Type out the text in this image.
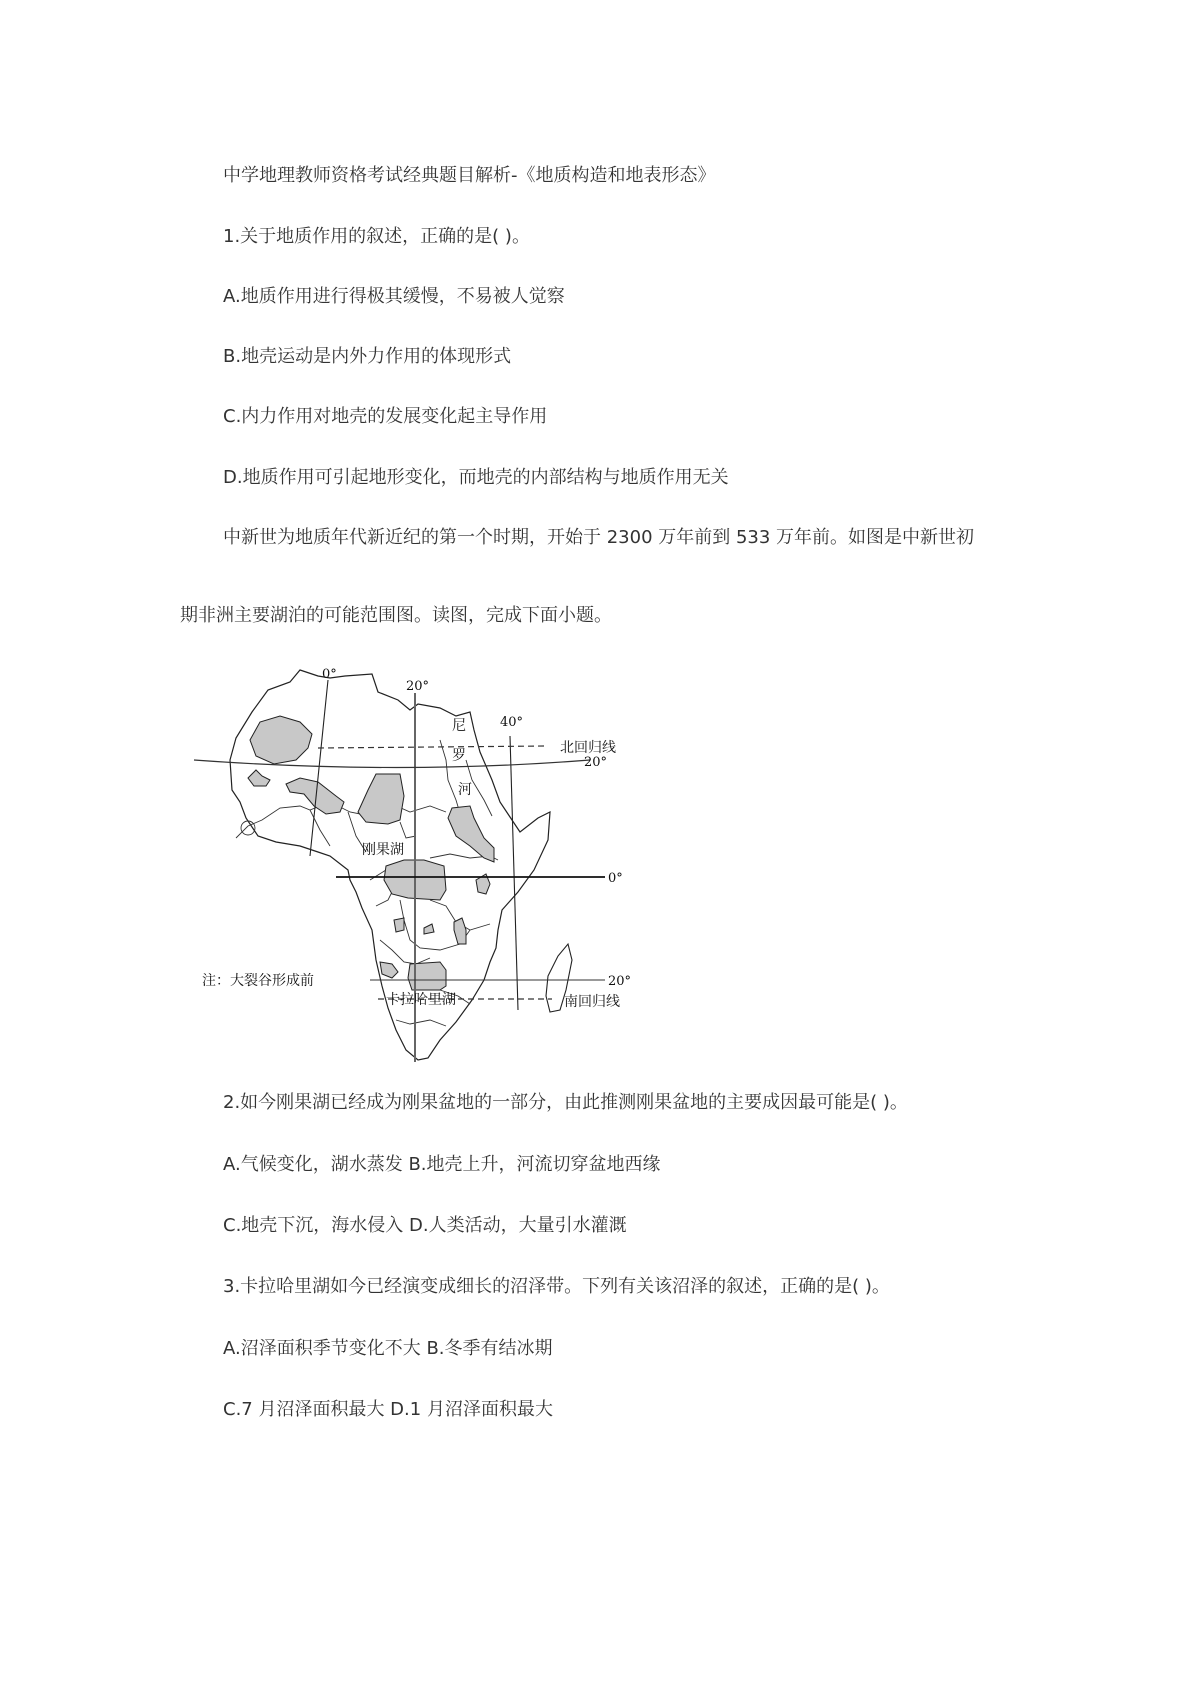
中学地理教师资格考试经典题目解析-《地质构造和地表形态》
1.关于地质作用的叙述，正确的是( )。
A.地质作用进行得极其缓慢，不易被人觉察
B.地壳运动是内外力作用的体现形式
C.内力作用对地壳的发展变化起主导作用
D.地质作用可引起地形变化，而地壳的内部结构与地质作用无关
中新世为地质年代新近纪的第一个时期，开始于 2300 万年前到 533 万年前。如图是中新世初
期非洲主要湖泊的可能范围图。读图，完成下面小题。
0°
20°
40°
北回归线
20°
0°
20°
南回归线
尼
罗
河
刚果湖
卡拉哈里湖
注：大裂谷形成前
2.如今刚果湖已经成为刚果盆地的一部分，由此推测刚果盆地的主要成因最可能是( )。
A.气候变化，湖水蒸发 B.地壳上升，河流切穿盆地西缘
C.地壳下沉，海水侵入 D.人类活动，大量引水灌溉
3.卡拉哈里湖如今已经演变成细长的沼泽带。下列有关该沼泽的叙述，正确的是( )。
A.沼泽面积季节变化不大 B.冬季有结冰期
C.7 月沼泽面积最大 D.1 月沼泽面积最大
